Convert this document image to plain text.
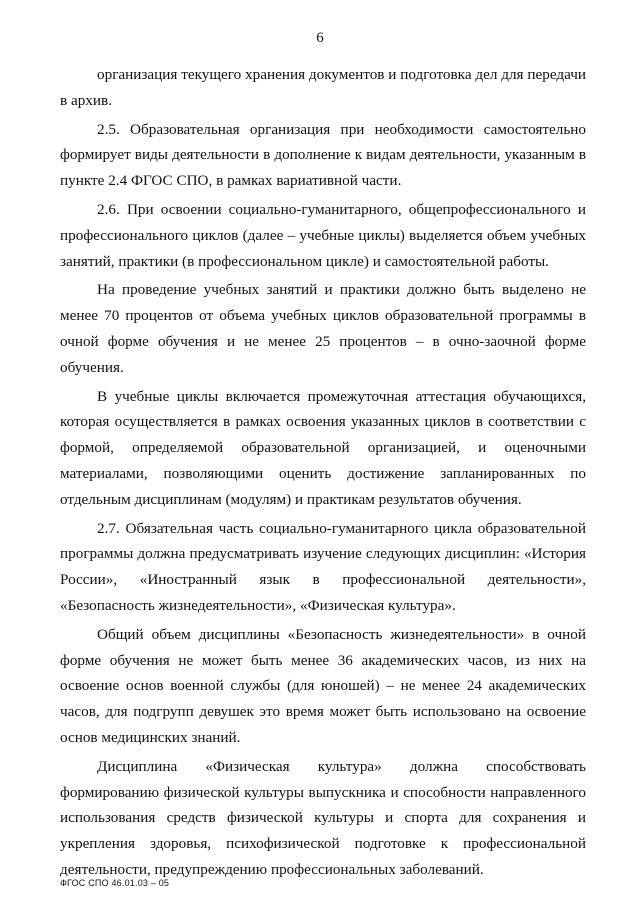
6

организация текущего хранения документов и подготовка дел для передачи в архив.

2.5. Образовательная организация при необходимости самостоятельно формирует виды деятельности в дополнение к видам деятельности, указанным в пункте 2.4 ФГОС СПО, в рамках вариативной части.

2.6. При освоении социально-гуманитарного, общепрофессионального и профессионального циклов (далее – учебные циклы) выделяется объем учебных занятий, практики (в профессиональном цикле) и самостоятельной работы.

На проведение учебных занятий и практики должно быть выделено не менее 70 процентов от объема учебных циклов образовательной программы в очной форме обучения и не менее 25 процентов – в очно-заочной форме обучения.

В учебные циклы включается промежуточная аттестация обучающихся, которая осуществляется в рамках освоения указанных циклов в соответствии с формой, определяемой образовательной организацией, и оценочными материалами, позволяющими оценить достижение запланированных по отдельным дисциплинам (модулям) и практикам результатов обучения.

2.7. Обязательная часть социально-гуманитарного цикла образовательной программы должна предусматривать изучение следующих дисциплин: «История России», «Иностранный язык в профессиональной деятельности», «Безопасность жизнедеятельности», «Физическая культура».

Общий объем дисциплины «Безопасность жизнедеятельности» в очной форме обучения не может быть менее 36 академических часов, из них на освоение основ военной службы (для юношей) – не менее 24 академических часов, для подгрупп девушек это время может быть использовано на освоение основ медицинских знаний.

Дисциплина «Физическая культура» должна способствовать формированию физической культуры выпускника и способности направленного использования средств физической культуры и спорта для сохранения и укрепления здоровья, психофизической подготовке к профессиональной деятельности, предупреждению профессиональных заболеваний.

ФГОС СПО 46.01.03 – 05
